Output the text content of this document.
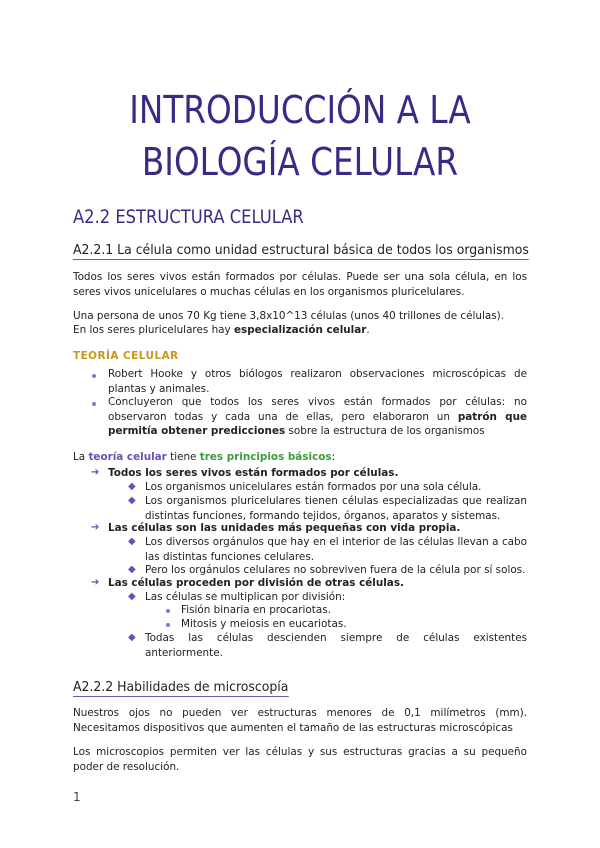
INTRODUCCIÓN A LA
BIOLOGÍA CELULAR
A2.2 ESTRUCTURA CELULAR
A2.2.1 La célula como unidad estructural básica de todos los organismos

Todos los seres vivos están formados por células. Puede ser una sola célula, en los seres vivos unicelulares o muchas células en los organismos pluricelulares.

Una persona de unos 70 Kg tiene 3,8x10^13 células (unos 40 trillones de células).

En los seres pluricelulares hay especialización celular.

TEORÍA CELULAR

Robert Hooke y otros biólogos realizaron observaciones microscópicas de plantas y animales.

Concluyeron que todos los seres vivos están formados por células: no observaron todas y cada una de ellas, pero elaboraron un patrón que permitía obtener predicciones sobre la estructura de los organismos

La teoría celular tiene tres principios básicos:

➔ Todos los seres vivos están formados por células.

◆ Los organismos unicelulares están formados por una sola célula.

◆ Los organismos pluricelulares tienen células especializadas que realizan distintas funciones, formando tejidos, órganos, aparatos y sistemas.

➔ Las células son las unidades más pequeñas con vida propia.

◆ Los diversos orgánulos que hay en el interior de las células llevan a cabo las distintas funciones celulares.

◆ Pero los orgánulos celulares no sobreviven fuera de la célula por sí solos.

➔ Las células proceden por división de otras células.

◆ Las células se multiplican por división:

Fisión binaria en procariotas.

Mitosis y meiosis en eucariotas.

◆ Todas las células descienden siempre de células existentes anteriormente.

A2.2.2 Habilidades de microscopía

Nuestros ojos no pueden ver estructuras menores de 0,1 milímetros (mm). Necesitamos dispositivos que aumenten el tamaño de las estructuras microscópicas

Los microscopios permiten ver las células y sus estructuras gracias a su pequeño poder de resolución.

1
